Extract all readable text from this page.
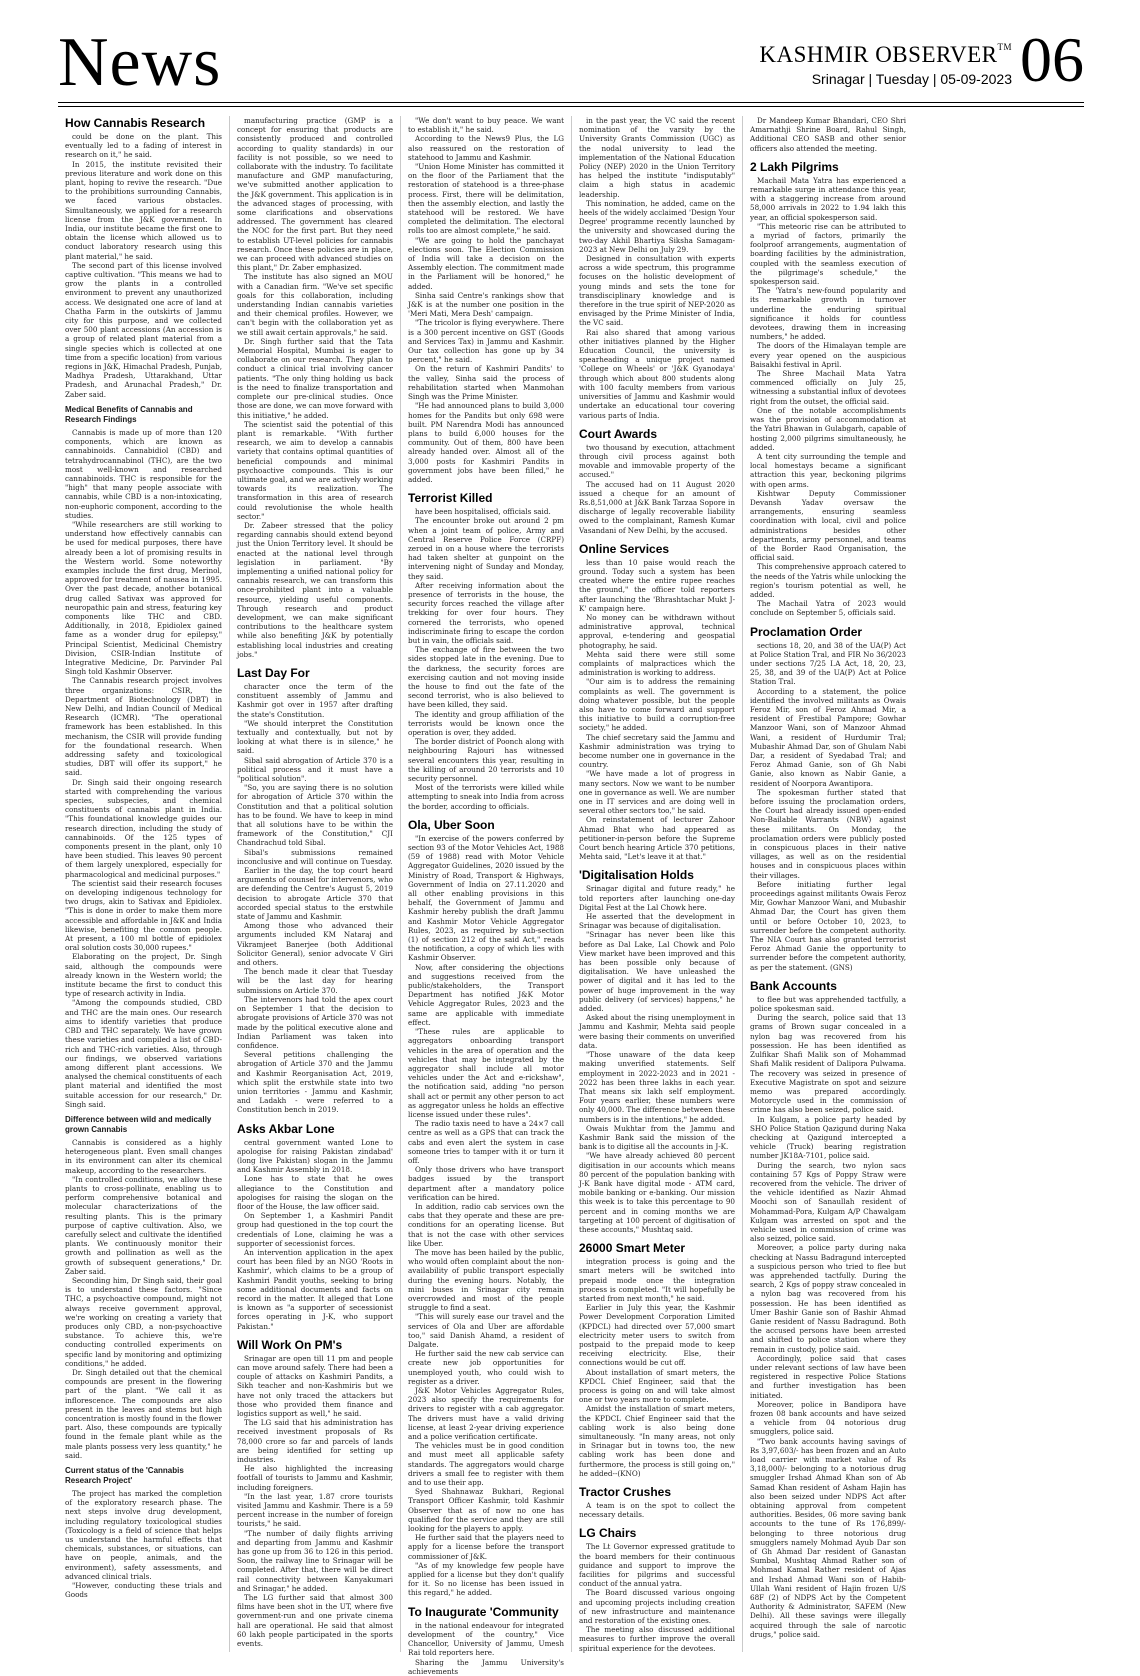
News	KASHMIR OBSERVER™
Srinagar | Tuesday | 05-09-2023 06
How Cannabis Research

could be done on the plant. This eventually led to a fading of interest in research on it," he said.

In 2015, the institute revisited their previous literature and work done on this plant, hoping to revive the research. "Due to the prohibitions surrounding Cannabis, we faced various obstacles. Simultaneously, we applied for a research license from the J&K government. In India, our institute became the first one to obtain the license which allowed us to conduct laboratory research using this plant material," he said.

The second part of this license involved captive cultivation. "This means we had to grow the plants in a controlled environment to prevent any unauthorized access. We designated one acre of land at Chatha Farm in the outskirts of Jammu city for this purpose, and we collected over 500 plant accessions (An accession is a group of related plant material from a single species which is collected at one time from a specific location) from various regions in J&K, Himachal Pradesh, Punjab, Madhya Pradesh, Uttarakhand, Uttar Pradesh, and Arunachal Pradesh," Dr. Zaber said.

Medical Benefits of Cannabis and Research Findings

Cannabis is made up of more than 120 components, which are known as cannabinoids. Cannabidiol (CBD) and tetrahydrocannabinol (THC), are the two most well-known and researched cannabinoids. THC is responsible for the "high" that many people associate with cannabis, while CBD is a non-intoxicating, non-euphoric component, according to the studies.

"While researchers are still working to understand how effectively cannabis can be used for medical purposes, there have already been a lot of promising results in the Western world. Some noteworthy examples include the first drug, Merinol, approved for treatment of nausea in 1995. Over the past decade, another botanical drug called Sativax was approved for neuropathic pain and stress, featuring key components like THC and CBD. Additionally, in 2018, Epidiolex gained fame as a wonder drug for epilepsy," Principal Scientist, Medicinal Chemistry Division, CSIR-Indian Institute of Integrative Medicine, Dr. Parvinder Pal Singh told Kashmir Observer.

The Cannabis research project involves three organizations: CSIR, the Department of Biotechnology (DBT) in New Delhi, and Indian Council of Medical Research (ICMR). "The operational framework has been established. In this mechanism, the CSIR will provide funding for the foundational research. When addressing safety and toxicological studies, DBT will offer its support," he said.

Dr. Singh said their ongoing research started with comprehending the various species, subspecies, and chemical constituents of cannabis plant in India. "This foundational knowledge guides our research direction, including the study of cannabinoids. Of the 125 types of components present in the plant, only 10 have been studied. This leaves 90 percent of them largely unexplored, especially for pharmacological and medicinal purposes."

The scientist said their research focuses on developing indigenous technology for two drugs, akin to Sativax and Epidiolex. "This is done in order to make them more accessible and affordable in J&K and India likewise, benefiting the common people. At present, a 100 ml bottle of epidiolex oral solution costs 30,000 rupees."

Elaborating on the project, Dr. Singh said, although the compounds were already known in the Western world; the institute became the first to conduct this type of research activity in India.

"Among the compounds studied, CBD and THC are the main ones. Our research aims to identify varieties that produce CBD and THC separately. We have grown these varieties and compiled a list of CBD-rich and THC-rich varieties. Also, through our findings, we observed variations among different plant accessions. We analysed the chemical constituents of each plant material and identified the most suitable accession for our research," Dr. Singh said.

Difference between wild and medically grown Cannabis

Cannabis is considered as a highly heterogeneous plant. Even small changes in its environment can alter its chemical makeup, according to the researchers.

"In controlled conditions, we allow these plants to cross-pollinate, enabling us to perform comprehensive botanical and molecular characterizations of the resulting plants. This is the primary purpose of captive cultivation. Also, we carefully select and cultivate the identified plants. We continuously monitor their growth and pollination as well as the growth of subsequent generations," Dr. Zaber said.

Seconding him, Dr Singh said, their goal is to understand these factors. "Since THC, a psychoactive compound, might not always receive government approval, we're working on creating a variety that produces only CBD, a non-psychoactive substance. To achieve this, we're conducting controlled experiments on specific land by monitoring and optimizing conditions," he added.

Dr. Singh detailed out that the chemical compounds are present in the flowering part of the plant. "We call it as inflorescence. The compounds are also present in the leaves and stems but high concentration is mostly found in the flower part. Also, these compounds are typically found in the female plant while as the male plants possess very less quantity," he said.

Current status of the 'Cannabis Research Project'

The project has marked the completion of the exploratory research phase. The next steps involve drug development, including regulatory toxicological studies (Toxicology is a field of science that helps us understand the harmful effects that chemicals, substances, or situations, can have on people, animals, and the environment), safety assessments, and advanced clinical trials.

"However, conducting these trials and Goods

manufacturing practice (GMP is a concept for ensuring that products are consistently produced and controlled according to quality standards) in our facility is not possible, so we need to collaborate with the industry. To facilitate manufacture and GMP manufacturing, we've submitted another application to the J&K government. This application is in the advanced stages of processing, with some clarifications and observations addressed. The government has cleared the NOC for the first part. But they need to establish UT-level policies for cannabis research. Once these policies are in place, we can proceed with advanced studies on this plant," Dr. Zaber emphasized.

The institute has also signed an MOU with a Canadian firm. "We've set specific goals for this collaboration, including understanding Indian cannabis varieties and their chemical profiles. However, we can't begin with the collaboration yet as we still await certain approvals," he said.

Dr. Singh further said that the Tata Memorial Hospital, Mumbai is eager to collaborate on our research. They plan to conduct a clinical trial involving cancer patients. "The only thing holding us back is the need to finalize transportation and complete our pre-clinical studies. Once those are done, we can move forward with this initiative," he added.

The scientist said the potential of this plant is remarkable. "With further research, we aim to develop a cannabis variety that contains optimal quantities of beneficial compounds and minimal psychoactive compounds. This is our ultimate goal, and we are actively working towards its realization. The transformation in this area of research could revolutionise the whole health sector."

Dr. Zabeer stressed that the policy regarding cannabis should extend beyond just the Union Territory level. It should be enacted at the national level through legislation in parliament. "By implementing a unified national policy for cannabis research, we can transform this once-prohibited plant into a valuable resource, yielding useful components. Through research and product development, we can make significant contributions to the healthcare system while also benefiting J&K by potentially establishing local industries and creating jobs."

Last Day For

character once the term of the constituent assembly of Jammu and Kashmir got over in 1957 after drafting the state's Constitution.

"We should interpret the Constitution textually and contextually, but not by looking at what there is in silence," he said.

Sibal said abrogation of Article 370 is a political process and it must have a "political solution".

"So, you are saying there is no solution for abrogation of Article 370 within the Constitution and that a political solution has to be found. We have to keep in mind that all solutions have to be within the framework of the Constitution," CJI Chandrachud told Sibal.

Sibal's submissions remained inconclusive and will continue on Tuesday.

Earlier in the day, the top court heard arguments of counsel for intervenors, who are defending the Centre's August 5, 2019 decision to abrogate Article 370 that accorded special status to the erstwhile state of Jammu and Kashmir.

Among those who advanced their arguments included KM Nataraj and Vikramjeet Banerjee (both Additional Solicitor General), senior advocate V Giri and others.

The bench made it clear that Tuesday will be the last day for hearing submissions on Article 370.

The intervenors had told the apex court on September 1 that the decision to abrogate provisions of Article 370 was not made by the political executive alone and Indian Parliament was taken into confidence.

Several petitions challenging the abrogation of Article 370 and the Jammu and Kashmir Reorganisation Act, 2019, which split the erstwhile state into two union territories - Jammu and Kashmir, and Ladakh - were referred to a Constitution bench in 2019.

Asks Akbar Lone

central government wanted Lone to apologise for raising Pakistan zindabad' (long live Pakistan) slogan in the Jammu and Kashmir Assembly in 2018.

Lone has to state that he owes allegiance to the Constitution and apologises for raising the slogan on the floor of the House, the law officer said.

On September 1, a Kashmiri Pandit group had questioned in the top court the credentials of Lone, claiming he was a supporter of secessionist forces.

An intervention application in the apex court has been filed by an NGO 'Roots in Kashmir', which claims to be a group of Kashmiri Pandit youths, seeking to bring some additional documents and facts on record in the matter. It alleged that Lone is known as "a supporter of secessionist forces operating in J-K, who support Pakistan."

Will Work On PM's

Srinagar are open till 11 pm and people can move around safely. There had been a couple of attacks on Kashmiri Pandits, a Sikh teacher and non-Kashmiris but we have not only traced the attackers but those who provided them finance and logistics support as well," he said.

The LG said that his administration has received investment proposals of Rs 78,000 crore so far and parcels of lands are being identified for setting up industries.

He also highlighted the increasing footfall of tourists to Jammu and Kashmir, including foreigners.

"In the last year, 1.87 crore tourists visited Jammu and Kashmir. There is a 59 percent increase in the number of foreign tourists," he said.

"The number of daily flights arriving and departing from Jammu and Kashmir has gone up from 36 to 126 in this period. Soon, the railway line to Srinagar will be completed. After that, there will be direct rail connectivity between Kanyakumari and Srinagar," he added.

The LG further said that almost 300 films have been shot in the UT, where five government-run and one private cinema hall are operational. He said that almost 60 lakh people participated in the sports events.

"We don't want to buy peace. We want to establish it," he said.

According to the News9 Plus, the LG also reassured on the restoration of statehood to Jammu and Kashmir.

"Union Home Minister has committed it on the floor of the Parliament that the restoration of statehood is a three-phase process. First, there will be delimitation, then the assembly election, and lastly the statehood will be restored. We have completed the delimitation. The electoral rolls too are almost complete," he said.

"We are going to hold the panchayat elections soon. The Election Commission of India will take a decision on the Assembly election. The commitment made in the Parliament will be honored," he added.

Sinha said Centre's rankings show that J&K is at the number one position in the 'Meri Mati, Mera Desh' campaign.

"The tricolor is flying everywhere. There is a 300 percent incentive on GST (Goods and Services Tax) in Jammu and Kashmir. Our tax collection has gone up by 34 percent," he said.

On the return of Kashmiri Pandits' to the valley, Sinha said the process of rehabilitation started when Manmohan Singh was the Prime Minister.

"He had announced plans to build 3,000 homes for the Pandits but only 698 were built. PM Narendra Modi has announced plans to build 6,000 houses for the community. Out of them, 800 have been already handed over. Almost all of the 3,000 posts for Kashmiri Pandits in government jobs have been filled," he added.

Terrorist Killed

have been hospitalised, officials said.

The encounter broke out around 2 pm when a joint team of police, Army and Central Reserve Police Force (CRPF) zeroed in on a house where the terrorists had taken shelter at gunpoint on the intervening night of Sunday and Monday, they said.

After receiving information about the presence of terrorists in the house, the security forces reached the village after trekking for over four hours. They cornered the terrorists, who opened indiscriminate firing to escape the cordon but in vain, the officials said.

The exchange of fire between the two sides stopped late in the evening. Due to the darkness, the security forces are exercising caution and not moving inside the house to find out the fate of the second terrorist, who is also believed to have been killed, they said.

The identity and group affiliation of the terrorists would be known once the operation is over, they added.

The border district of Poonch along with neighbouring Rajouri has witnessed several encounters this year, resulting in the killing of around 20 terrorists and 10 security personnel.

Most of the terrorists were killed while attempting to sneak into India from across the border, according to officials.

Ola, Uber Soon

"In exercise of the powers conferred by section 93 of the Motor Vehicles Act, 1988 (59 of 1988) read with Motor Vehicle Aggregator Guidelines, 2020 issued by the Ministry of Road, Transport & Highways, Government of India on 27.11.2020 and all other enabling provisions in this behalf, the Government of Jammu and Kashmir hereby publish the draft Jammu and Kashmir Motor Vehicle Aggregator Rules, 2023, as required by sub-section (1) of section 212 of the said Act," reads the notification, a copy of which lies with Kashmir Observer.

Now, after considering the objections and suggestions received from the public/stakeholders, the Transport Department has notified J&K Motor Vehicle Aggregator Rules, 2023 and the same are applicable with immediate effect.

"These rules are applicable to aggregators onboarding transport vehicles in the area of operation and the vehicles that may be integrated by the aggregator shall include all motor vehicles under the Act and e-rickshaw", the notification said, adding "no person shall act or permit any other person to act as aggregator unless he holds an effective license issued under these rules".

The radio taxis need to have a 24×7 call centre as well as a GPS that can track the cabs and even alert the system in case someone tries to tamper with it or turn it off.

Only those drivers who have transport badges issued by the transport department after a mandatory police verification can be hired.

In addition, radio cab services own the cabs that they operate and these are pre-conditions for an operating license. But that is not the case with other services like Uber.

The move has been hailed by the public, who would often complaint about the non-availability of public transport especially during the evening hours. Notably, the mini buses in Srinagar city remain overcrowded and most of the people struggle to find a seat.

"This will surely ease our travel and the services of Ola and Uber are affordable too," said Danish Ahamd, a resident of Dalgate.

He further said the new cab service can create new job opportunities for unemployed youth, who could wish to register as a driver.

J&K Motor Vehicles Aggregator Rules, 2023 also specify the requirements for drivers to register with a cab aggregator. The drivers must have a valid driving license, at least 2-year driving experience and a police verification certificate.

The vehicles must be in good condition and must meet all applicable safety standards. The aggregators would charge drivers a small fee to register with them and to use their app.

Syed Shahnawaz Bukhari, Regional Transport Officer Kashmir, told Kashmir Observer that as of now no one has qualified for the service and they are still looking for the players to apply.

He further said that the players need to apply for a license before the transport commissioner of J&K.

"As of my knowledge few people have applied for a license but they don't qualify for it. So no license has been issued in this regard," he added.

To Inaugurate 'Community

in the national endeavour for integrated development of the country," Vice Chancellor, University of Jammu, Umesh Rai told reporters here.

Sharing the Jammu University's achievements

in the past year, the VC said the recent nomination of the varsity by the University Grants Commission (UGC) as the nodal university to lead the implementation of the National Education Policy (NEP) 2020 in the Union Territory has helped the institute "indisputably" claim a high status in academic leadership.

This nomination, he added, came on the heels of the widely acclaimed 'Design Your Degree' programme recently launched by the university and showcased during the two-day Akhil Bhartiya Siksha Samagam-2023 at New Delhi on July 29.

Designed in consultation with experts across a wide spectrum, this programme focuses on the holistic development of young minds and sets the tone for transdisciplinary knowledge and is therefore in the true spirit of NEP-2020 as envisaged by the Prime Minister of India, the VC said.

Rai also shared that among various other initiatives planned by the Higher Education Council, the university is spearheading a unique project named 'College on Wheels' or 'J&K Gyanodaya' through which about 800 students along with 100 faculty members from various universities of Jammu and Kashmir would undertake an educational tour covering various parts of India.

Court Awards

two thousand by execution, attachment through civil process against both movable and immovable property of the accused."

The accused had on 11 August 2020 issued a cheque for an amount of Rs.8,51,000 at J&K Bank Tarzaa Sopore in discharge of legally recoverable liability owed to the complainant, Ramesh Kumar Vasandani of New Delhi, by the accused.

Online Services

less than 10 paise would reach the ground. Today such a system has been created where the entire rupee reaches the ground," the officer told reporters after launching the 'Bhrashtachar Mukt J-K' campaign here.

No money can be withdrawn without administrative approval, technical approval, e-tendering and geospatial photography, he said.

Mehta said there were still some complaints of malpractices which the administration is working to address.

"Our aim is to address the remaining complaints as well. The government is doing whatever possible, but the people also have to come forward and support this initiative to build a corruption-free society," he added.

The chief secretary said the Jammu and Kashmir administration was trying to become number one in governance in the country.

"We have made a lot of progress in many sectors. Now we want to be number one in governance as well. We are number one in IT services and are doing well in several other sectors too," he said.

On reinstatement of lecturer Zahoor Ahmad Bhat who had appeared as petitioner-in-person before the Supreme Court bench hearing Article 370 petitions, Mehta said, "Let's leave it at that."

'Digitalisation Holds

Srinagar digital and future ready," he told reporters after launching one-day Digital Fest at the Lal Chowk here.

He asserted that the development in Srinagar was because of digitalisation.

"Srinagar has never been like this before as Dal Lake, Lal Chowk and Polo View market have been improved and this has been possible only because of digitalisation. We have unleashed the power of digital and it has led to the power of huge improvement in the way public delivery (of services) happens," he added.

Asked about the rising unemployment in Jammu and Kashmir, Mehta said people were basing their comments on unverified data.

"Those unaware of the data keep making unverified statements. Self employment in 2022-2023 and in 2021 - 2022 has been three lakhs in each year. That means six lakh self employment. Four years earlier, these numbers were only 40,000. The difference between these numbers is in the intentions," he added.

Owais Mukhtar from the Jammu and Kashmir Bank said the mission of the bank is to digitise all the accounts in J-K.

"We have already achieved 80 percent digitisation in our accounts which means 80 percent of the population banking with J-K Bank have digital mode - ATM card, mobile banking or e-banking. Our mission this week is to take this percentage to 90 percent and in coming months we are targeting at 100 percent of digitisation of these accounts," Mushtaq said.

26000 Smart Meter

integration process is going and the smart meters will be switched into prepaid mode once the integration process is completed. "It will hopefully be started from next month," he said.

Earlier in July this year, the Kashmir Power Development Corporation Limited (KPDCL) had directed over 57,000 smart electricity meter users to switch from postpaid to the prepaid mode to keep receiving electricity. Else, their connections would be cut off.

About installation of smart meters, the KPDCL Chief Engineer, said that the process is going on and will take almost one or two years more to complete.

Amidst the installation of smart meters, the KPDCL Chief Engineer said that the cabling work is also being done simultaneously. "In many areas, not only in Srinagar but in towns too, the new cabling work has been done and furthermore, the process is still going on," he added--(KNO)

Tractor Crushes

A team is on the spot to collect the necessary details.

LG Chairs

The Lt Governor expressed gratitude to the board members for their continuous guidance and support to improve the facilities for pilgrims and successful conduct of the annual yatra.

The Board discussed various ongoing and upcoming projects including creation of new infrastructure and maintenance and restoration of the existing ones.

The meeting also discussed additional measures to further improve the overall spiritual experience for the devotees.

Dr Mandeep Kumar Bhandari, CEO Shri Amarnathji Shrine Board, Rahul Singh, Additional CEO SASB and other senior officers also attended the meeting.

2 Lakh Pilgrims

Machail Mata Yatra has experienced a remarkable surge in attendance this year, with a staggering increase from around 58,000 arrivals in 2022 to 1.94 lakh this year, an official spokesperson said.

"This meteoric rise can be attributed to a myriad of factors, primarily the foolproof arrangements, augmentation of boarding facilities by the administration, coupled with the seamless execution of the pilgrimage's schedule," the spokesperson said.

The 'Yatra's new-found popularity and its remarkable growth in turnover underline the enduring spiritual significance it holds for countless devotees, drawing them in increasing numbers," he added.

The doors of the Himalayan temple are every year opened on the auspicious Baisakhi festival in April.

The Shree Machail Mata Yatra commenced officially on July 25, witnessing a substantial influx of devotees right from the outset, the official said.

One of the notable accomplishments was the provision of accommodation at the Yatri Bhawan in Gulabgarh, capable of hosting 2,000 pilgrims simultaneously, he added.

A tent city surrounding the temple and local homestays became a significant attraction this year, beckoning pilgrims with open arms.

Kishtwar Deputy Commissioner Devansh Yadav oversaw the arrangements, ensuring seamless coordination with local, civil and police administrations besides other departments, army personnel, and teams of the Border Raod Organisation, the official said.

This comprehensive approach catered to the needs of the Yatris while unlocking the region's tourism potential as well, he added.

The Machail Yatra of 2023 would conclude on September 5, officials said.

Proclamation Order

sections 18, 20, and 38 of the UA(P) Act at Police Station Tral, and FIR No 36/2023 under sections 7/25 I.A Act, 18, 20, 23, 25, 38, and 39 of the UA(P) Act at Police Station Tral.

According to a statement, the police identified the involved militants as Owais Feroz Mir, son of Feroz Ahmad Mir, a resident of Frestibal Pampore; Gowhar Manzoor Wani, son of Manzoor Ahmad Wani, a resident of Hurdumir Tral; Mubashir Ahmad Dar, son of Ghulam Nabi Dar, a resident of Syedabad Tral; and Feroz Ahmad Ganie, son of Gh Nabi Ganie, also known as Nabir Ganie, a resident of Noorpora Awantipora.

The spokesman further stated that before issuing the proclamation orders, the Court had already issued open-ended Non-Bailable Warrants (NBW) against these militants. On Monday, the proclamation orders were publicly posted in conspicuous places in their native villages, as well as on the residential houses and in conspicuous places within their villages.

Before initiating further legal proceedings against militants Owais Feroz Mir, Gowhar Manzoor Wani, and Mubashir Ahmad Dar, the Court has given them until or before October 10, 2023, to surrender before the competent authority. The NIA Court has also granted terrorist Feroz Ahmad Ganie the opportunity to surrender before the competent authority, as per the statement. (GNS)

Bank Accounts

to flee but was apprehended tactfully, a police spokesman said.

During the search, police said that 13 grams of Brown sugar concealed in a nylon bag was recovered from his possession. He has been identified as Zulfikar Shafi Malik son of Mohammad Shafi Malik resident of Dalipora Pulwama. The recovery was seized in presence of Executive Magistrate on spot and seizure memo was prepared accordingly. Motorcycle used in the commission of crime has also been seized, police said.

In Kulgam, a police party headed by SHO Police Station Qazigund during Naka checking at Qazigund intercepted a vehicle (Truck) bearing registration number JK18A-7101, police said.

During the search, two nylon sacs containing 57 Kgs of Poppy Straw were recovered from the vehicle. The driver of the vehicle identified as Nazir Ahmad Moochi son of Sanaullah resident of Mohammad-Pora, Kulgam A/P Chawalgam Kulgam was arrested on spot and the vehicle used in commission of crime was also seized, police said.

Moreover, a police party during naka checking at Nassu Badragund intercepted a suspicious person who tried to flee but was apprehended tactfully. During the search, 2 Kgs of poppy straw concealed in a nylon bag was recovered from his possession. He has been identified as Umer Bashir Ganie son of Bashir Ahmad Ganie resident of Nassu Badragund. Both the accused persons have been arrested and shifted to police station where they remain in custody, police said.

Accordingly, police said that cases under relevant sections of law have been registered in respective Police Stations and further investigation has been initiated.

Moreover, police in Bandipora have frozen 08 bank accounts and have seized a vehicle from 04 notorious drug smugglers, police said.

"Two bank accounts having savings of Rs 3,97,603/- has been frozen and an Auto load carrier with market value of Rs 3,18,000/- belonging to a notorious drug smuggler Irshad Ahmad Khan son of Ab Samad Khan resident of Asham Hajin has also been seized under NDPS Act after obtaining approval from competent authorities. Besides, 06 more saving bank accounts to the tune of Rs 176,899/- belonging to three notorious drug smugglers namely Mohmad Ayub Dar son of Gh Ahmad Dar resident of Ganastan Sumbal, Mushtaq Ahmad Rather son of Mohmad Kamal Rather resident of Ajas and Irshad Ahmad Wani son of Habib-Ullah Wani resident of Hajin frozen U/S 68F (2) of NDPS Act by the Competent Authority & Administrator, SAFEM (New Delhi). All these savings were illegally acquired through the sale of narcotic drugs," police said.
